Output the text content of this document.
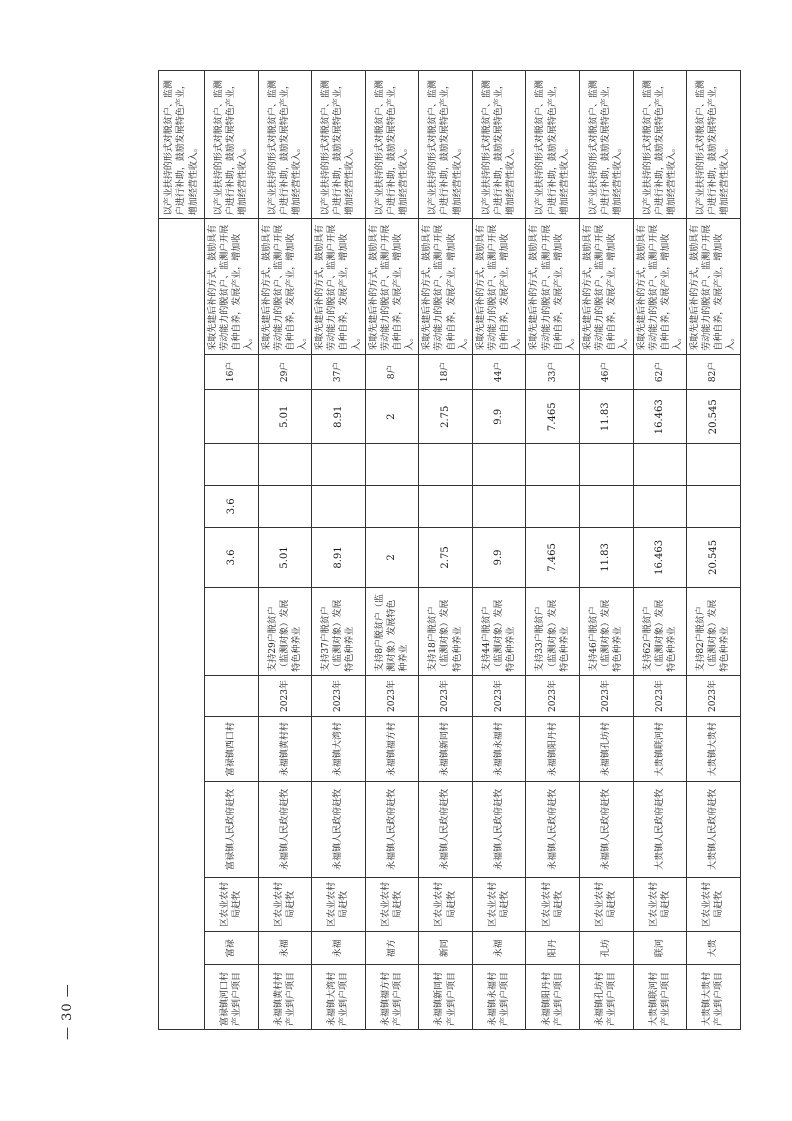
— 30 —
													以产业扶持的形式对脱贫户、监测户进行补助，鼓励发展特色产业，增加经营性收入。
富禄镇河口村产业到户项目	富禄	区农业农村局赶牧	富禄镇人民政府赶牧	富禄镇西口村			3.6	3.6			16户	采取先建后补的方式，鼓励具有劳动能力的脱贫户、监测户开展自种自养，发展产业，增加收入。	以产业扶持的形式对脱贫户、监测户进行补助，鼓励发展特色产业，增加经营性收入。
永福镇黄村村产业到户项目	永福	区农业农村局赶牧	永福镇人民政府赶牧	永福镇黄村村	2023年	支持29户脱贫户（监测对象）发展特色种养业	5.01			5.01	29户	采取先建后补的方式，鼓励具有劳动能力的脱贫户、监测户开展自种自养，发展产业，增加收入。	以产业扶持的形式对脱贫户、监测户进行补助，鼓励发展特色产业，增加经营性收入。
永福镇大湾村产业到户项目	永福	区农业农村局赶牧	永福镇人民政府赶牧	永福镇大湾村	2023年	支持37户脱贫户（监测对象）发展特色种养业	8.91			8.91	37户	采取先建后补的方式，鼓励具有劳动能力的脱贫户、监测户开展自种自养，发展产业，增加收入。	以产业扶持的形式对脱贫户、监测户进行补助，鼓励发展特色产业，增加经营性收入。
永福镇福方村产业到户项目	福方	区农业农村局赶牧	永福镇人民政府赶牧	永福镇福方村	2023年	支持8户脱贫户（监测对象）发展特色种养业	2			2	8户	采取先建后补的方式，鼓励具有劳动能力的脱贫户、监测户开展自种自养，发展产业，增加收入。	以产业扶持的形式对脱贫户、监测户进行补助，鼓励发展特色产业，增加经营性收入。
永福镇新同村产业到户项目	新同	区农业农村局赶牧	永福镇人民政府赶牧	永福镇新同村	2023年	支持18户脱贫户（监测对象）发展特色种养业	2.75			2.75	18户	采取先建后补的方式，鼓励具有劳动能力的脱贫户、监测户开展自种自养，发展产业，增加收入。	以产业扶持的形式对脱贫户、监测户进行补助，鼓励发展特色产业，增加经营性收入。
永福镇永福村产业到户项目	永福	区农业农村局赶牧	永福镇人民政府赶牧	永福镇永福村	2023年	支持44户脱贫户（监测对象）发展特色种养业	9.9			9.9	44户	采取先建后补的方式，鼓励具有劳动能力的脱贫户、监测户开展自种自养，发展产业，增加收入。	以产业扶持的形式对脱贫户、监测户进行补助，鼓励发展特色产业，增加经营性收入。
永福镇阳丹村产业到户项目	阳丹	区农业农村局赶牧	永福镇人民政府赶牧	永福镇阳丹村	2023年	支持33户脱贫户（监测对象）发展特色种养业	7.465			7.465	33户	采取先建后补的方式，鼓励具有劳动能力的脱贫户、监测户开展自种自养，发展产业，增加收入。	以产业扶持的形式对脱贫户、监测户进行补助，鼓励发展特色产业，增加经营性收入。
永福镇孔坊村产业到户项目	孔坊	区农业农村局赶牧	永福镇人民政府赶牧	永福镇孔坊村	2023年	支持46户脱贫户（监测对象）发展特色种养业	11.83			11.83	46户	采取先建后补的方式，鼓励具有劳动能力的脱贫户、监测户开展自种自养，发展产业，增加收入。	以产业扶持的形式对脱贫户、监测户进行补助，鼓励发展特色产业，增加经营性收入。
大贵镇联河村产业到户项目	联河	区农业农村局赶牧	大贵镇人民政府赶牧	大贵镇联河村	2023年	支持62户脱贫户（监测对象）发展特色种养业	16.463			16.463	62户	采取先建后补的方式，鼓励具有劳动能力的脱贫户、监测户开展自种自养，发展产业，增加收入。	以产业扶持的形式对脱贫户、监测户进行补助，鼓励发展特色产业，增加经营性收入。
大贵镇大贵村产业到户项目	大贵	区农业农村局赶牧	大贵镇人民政府赶牧	大贵镇大贵村	2023年	支持82户脱贫户（监测对象）发展特色种养业	20.545			20.545	82户	采取先建后补的方式，鼓励具有劳动能力的脱贫户、监测户开展自种自养，发展产业，增加收入。	以产业扶持的形式对脱贫户、监测户进行补助，鼓励发展特色产业，增加经营性收入。
